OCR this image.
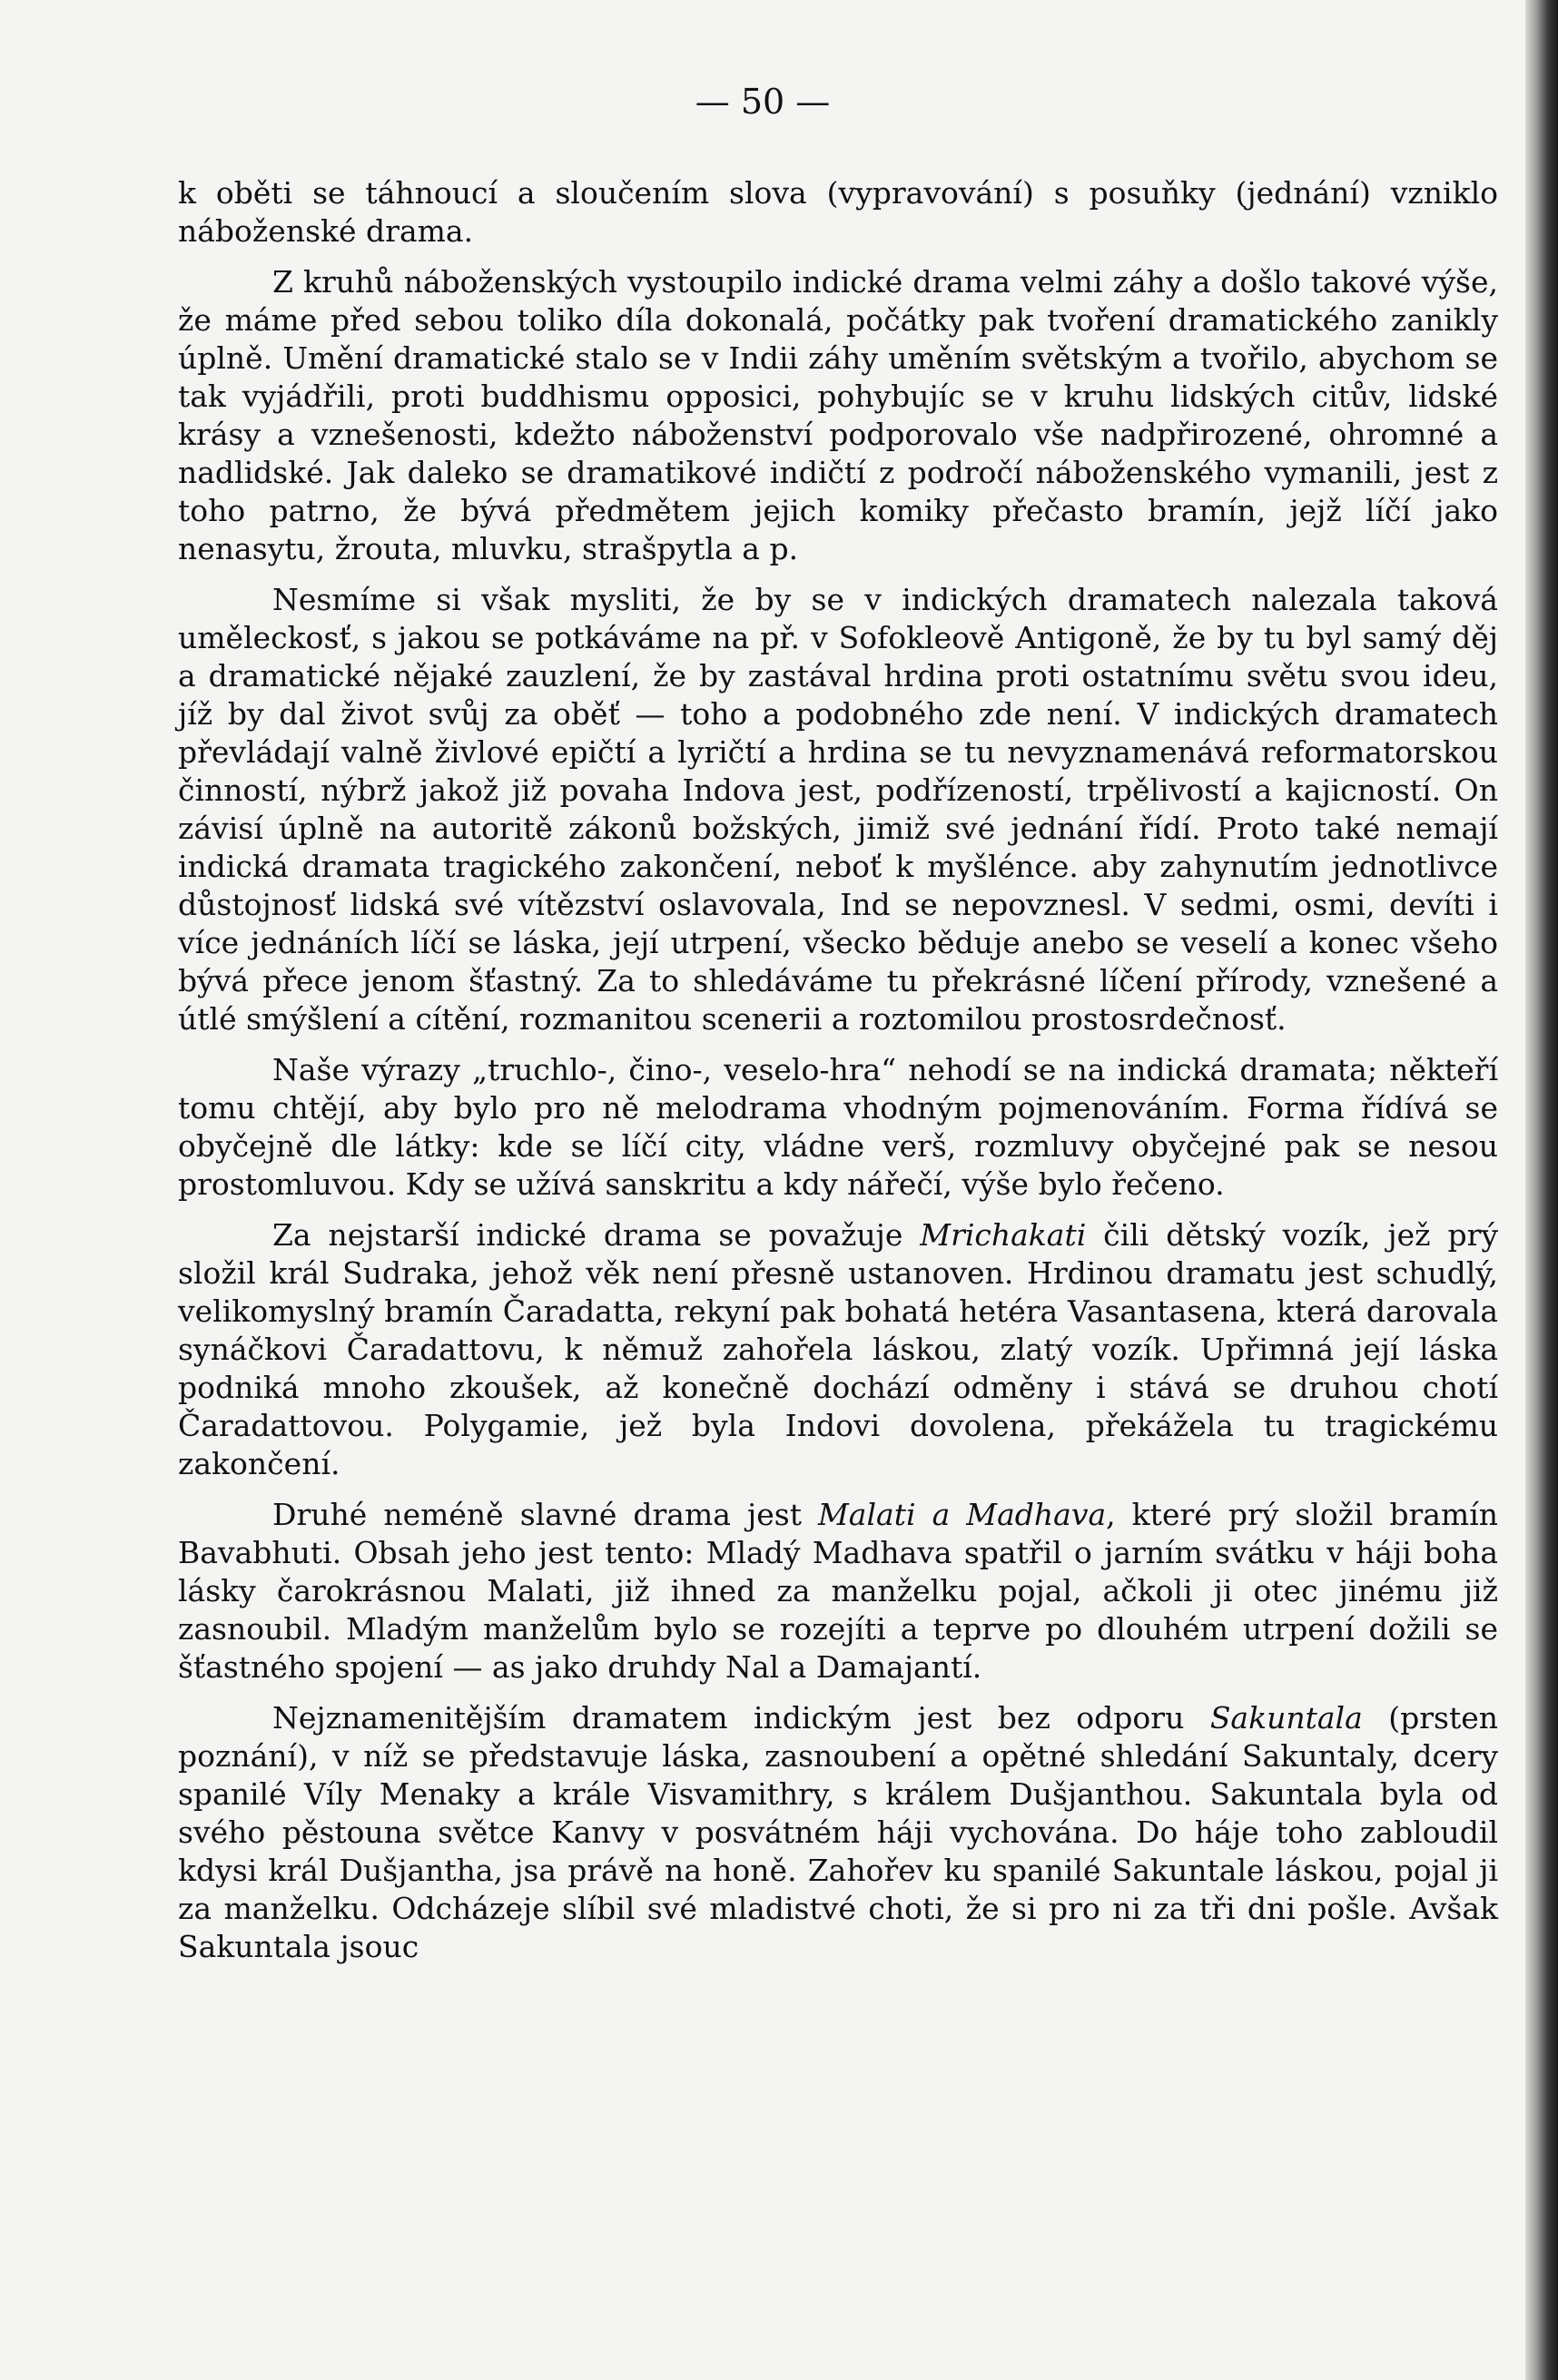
— 50 —

k oběti se táhnoucí a sloučením slova (vypravování) s posuňky (jednání) vzniklo náboženské drama.

Z kruhů náboženských vystoupilo indické drama velmi záhy a došlo takové výše, že máme před sebou toliko díla dokonalá, počátky pak tvoření dramatického zanikly úplně. Umění dramatické stalo se v Indii záhy uměním světským a tvořilo, abychom se tak vyjádřili, proti buddhismu opposici, pohybujíc se v kruhu lidských citův, lidské krásy a vznešenosti, kdežto náboženství podporovalo vše nadpřirozené, ohromné a nadlidské. Jak daleko se dramatikové indičtí z področí náboženského vymanili, jest z toho patrno, že bývá předmětem jejich komiky přečasto bramín, jejž líčí jako nenasytu, žrouta, mluvku, strašpytla a p.

Nesmíme si však mysliti, že by se v indických dramatech nalezala taková uměleckosť, s jakou se potkáváme na př. v Sofokleově Antigoně, že by tu byl samý děj a dramatické nějaké zauzlení, že by zastával hrdina proti ostatnímu světu svou ideu, jíž by dal život svůj za oběť — toho a podobného zde není. V indických dramatech převládají valně živlové epičtí a lyričtí a hrdina se tu nevyznamenává reformatorskou činností, nýbrž jakož již povaha Indova jest, podřízeností, trpělivostí a kajicností. On závisí úplně na autoritě zákonů božských, jimiž své jednání řídí. Proto také nemají indická dramata tragického zakončení, neboť k myšlénce. aby zahynutím jednotlivce důstojnosť lidská své vítězství oslavovala, Ind se nepovznesl. V sedmi, osmi, devíti i více jednáních líčí se láska, její utrpení, všecko běduje anebo se veselí a konec všeho bývá přece jenom šťastný. Za to shledáváme tu překrásné líčení přírody, vznešené a útlé smýšlení a cítění, rozmanitou scenerii a roztomilou prostosrdečnosť.

Naše výrazy „truchlo-, čino-, veselo-hra“ nehodí se na indická dramata; někteří tomu chtějí, aby bylo pro ně melodrama vhodným pojmenováním. Forma řídívá se obyčejně dle látky: kde se líčí city, vládne verš, rozmluvy obyčejné pak se nesou prostomluvou. Kdy se užívá sanskritu a kdy nářečí, výše bylo řečeno.

Za nejstarší indické drama se považuje Mrichakati čili dětský vozík, jež prý složil král Sudraka, jehož věk není přesně ustanoven. Hrdinou dramatu jest schudlý, velikomyslný bramín Čaradatta, rekyní pak bohatá hetéra Vasantasena, která darovala synáčkovi Čaradattovu, k němuž zahořela láskou, zlatý vozík. Upřimná její láska podniká mnoho zkoušek, až konečně dochází odměny i stává se druhou chotí Čaradattovou. Polygamie, jež byla Indovi dovolena, překážela tu tragickému zakončení.

Druhé neméně slavné drama jest Malati a Madhava, které prý složil bramín Bavabhuti. Obsah jeho jest tento: Mladý Madhava spatřil o jarním svátku v háji boha lásky čarokrásnou Malati, již ihned za manželku pojal, ačkoli ji otec jinému již zasnoubil. Mladým manželům bylo se rozejíti a teprve po dlouhém utrpení dožili se šťastného spojení — as jako druhdy Nal a Damajantí.

Nejznamenitějším dramatem indickým jest bez odporu Sakuntala (prsten poznání), v níž se představuje láska, zasnoubení a opětné shledání Sakuntaly, dcery spanilé Víly Menaky a krále Visvamithry, s králem Dušjanthou. Sakuntala byla od svého pěstouna světce Kanvy v posvátném háji vychována. Do háje toho zabloudil kdysi král Dušjantha, jsa právě na honě. Zahořev ku spanilé Sakuntale láskou, pojal ji za manželku. Odcházeje slíbil své mladistvé choti, že si pro ni za tři dni pošle. Avšak Sakuntala jsouc
